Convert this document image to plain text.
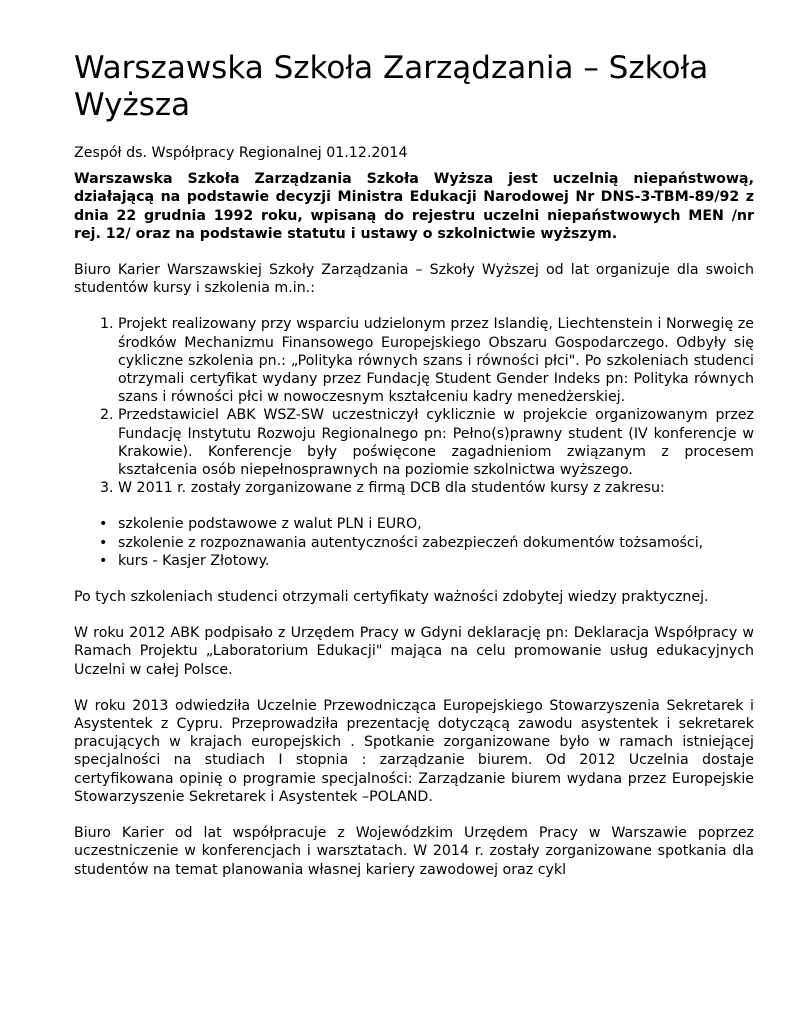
Warszawska Szkoła Zarządzania – Szkoła Wyższa

Zespół ds. Współpracy Regionalnej 01.12.2014

Warszawska Szkoła Zarządzania Szkoła Wyższa jest uczelnią niepaństwową, działającą na podstawie decyzji Ministra Edukacji Narodowej Nr DNS-3-TBM-89/92 z dnia 22 grudnia 1992 roku, wpisaną do rejestru uczelni niepaństwowych MEN /nr rej. 12/ oraz na podstawie statutu i ustawy o szkolnictwie wyższym.

Biuro Karier Warszawskiej Szkoły Zarządzania – Szkoły Wyższej od lat organizuje dla swoich studentów kursy i szkolenia m.in.:

1. Projekt realizowany przy wsparciu udzielonym przez Islandię, Liechtenstein i Norwegię ze środków Mechanizmu Finansowego Europejskiego Obszaru Gospodarczego. Odbyły się cykliczne szkolenia pn.: „Polityka równych szans i równości płci". Po szkoleniach studenci otrzymali certyfikat wydany przez Fundację Student Gender Indeks pn: Polityka równych szans i równości płci w nowoczesnym kształceniu kadry menedżerskiej.
2. Przedstawiciel ABK WSZ-SW uczestniczył cyklicznie w projekcie organizowanym przez Fundację Instytutu Rozwoju Regionalnego pn: Pełno(s)prawny student (IV konferencje w Krakowie). Konferencje były poświęcone zagadnieniom związanym z procesem kształcenia osób niepełnosprawnych na poziomie szkolnictwa wyższego.
3. W 2011 r. zostały zorganizowane z firmą DCB dla studentów kursy z zakresu:
• szkolenie podstawowe z walut PLN i EURO,
• szkolenie z rozpoznawania autentyczności zabezpieczeń dokumentów tożsamości,
• kurs - Kasjer Złotowy.

Po tych szkoleniach studenci otrzymali certyfikaty ważności zdobytej wiedzy praktycznej.

W roku 2012 ABK podpisało z Urzędem Pracy w Gdyni deklarację pn: Deklaracja Współpracy w Ramach Projektu „Laboratorium Edukacji" mająca na celu promowanie usług edukacyjnych Uczelni w całej Polsce.

W roku 2013 odwiedziła Uczelnie Przewodnicząca Europejskiego Stowarzyszenia Sekretarek i Asystentek z Cypru. Przeprowadziła prezentację dotyczącą zawodu asystentek i sekretarek pracujących w krajach europejskich . Spotkanie zorganizowane było w ramach istniejącej specjalności na studiach I stopnia : zarządzanie biurem. Od 2012 Uczelnia dostaje certyfikowana opinię o programie specjalności: Zarządzanie biurem wydana przez Europejskie Stowarzyszenie Sekretarek i Asystentek –POLAND.

Biuro Karier od lat współpracuje z Wojewódzkim Urzędem Pracy w Warszawie poprzez uczestniczenie w konferencjach i warsztatach. W 2014 r. zostały zorganizowane spotkania dla studentów na temat planowania własnej kariery zawodowej oraz cykl
